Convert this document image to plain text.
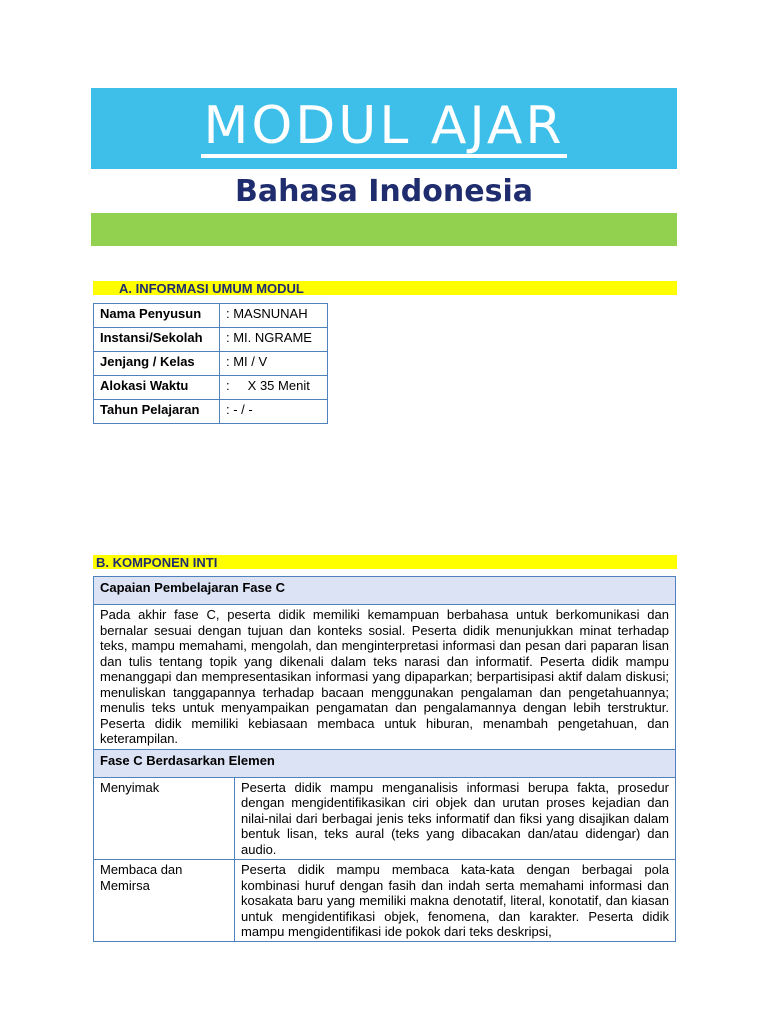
MODUL AJAR
Bahasa Indonesia
A. INFORMASI UMUM MODUL
Nama Penyusun	: MASNUNAH
Instansi/Sekolah	: MI. NGRAME
Jenjang / Kelas	: MI / V
Alokasi Waktu	:     X 35 Menit
Tahun Pelajaran	: - / -
B. KOMPONEN INTI
Capaian Pembelajaran Fase C	

Pada akhir fase C, peserta didik memiliki kemampuan berbahasa untuk berkomunikasi dan bernalar sesuai dengan tujuan dan konteks sosial. Peserta didik menunjukkan minat terhadap teks, mampu memahami, mengolah, dan menginterpretasi informasi dan pesan dari paparan lisan dan tulis tentang topik yang dikenali dalam teks narasi dan informatif. Peserta didik mampu menanggapi dan mempresentasikan informasi yang dipaparkan; berpartisipasi aktif dalam diskusi; menuliskan tanggapannya terhadap bacaan menggunakan pengalaman dan pengetahuannya; menulis teks untuk menyampaikan pengamatan dan pengalamannya dengan lebih terstruktur. Peserta didik memiliki kebiasaan membaca untuk hiburan, menambah pengetahuan, dan keterampilan.	

Fase C Berdasarkan Elemen	
Menyimak	Peserta didik mampu menganalisis informasi berupa fakta, prosedur dengan mengidentifikasikan ciri objek dan urutan proses kejadian dan nilai-nilai dari berbagai jenis teks informatif dan fiksi yang disajikan dalam bentuk lisan, teks aural (teks yang dibacakan dan/atau didengar) dan audio.
Membaca dan Memirsa	Peserta didik mampu membaca kata-kata dengan berbagai pola kombinasi huruf dengan fasih dan indah serta memahami informasi dan kosakata baru yang memiliki makna denotatif, literal, konotatif, dan kiasan untuk mengidentifikasi objek, fenomena, dan karakter. Peserta didik mampu mengidentifikasi ide pokok dari teks deskripsi,
